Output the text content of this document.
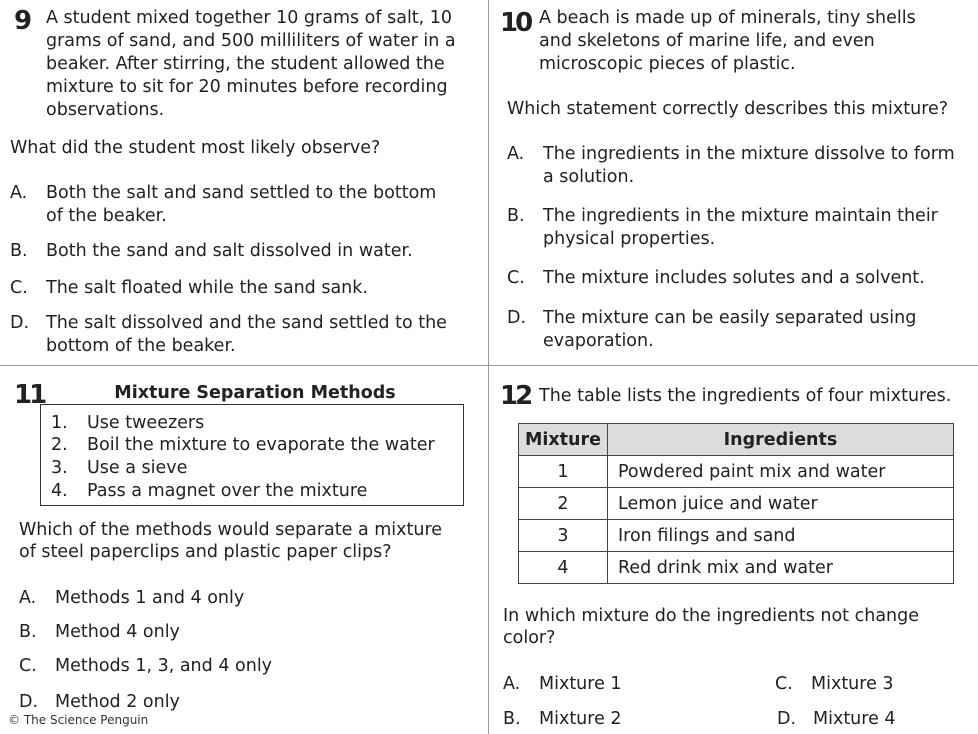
9 A student mixed together 10 grams of salt, 10
grams of sand, and 500 milliliters of water in a
beaker. After stirring, the student allowed the
mixture to sit for 20 minutes before recording
observations.
What did the student most likely observe?
A. Both the salt and sand settled to the bottom
of the beaker.
B. Both the sand and salt dissolved in water.
C. The salt floated while the sand sank.
D. The salt dissolved and the sand settled to the
bottom of the beaker.
10 A beach is made up of minerals, tiny shells
and skeletons of marine life, and even
microscopic pieces of plastic.
Which statement correctly describes this mixture?
A. The ingredients in the mixture dissolve to form
a solution.
B. The ingredients in the mixture maintain their
physical properties.
C. The mixture includes solutes and a solvent.
D. The mixture can be easily separated using
evaporation.
11	Mixture Separation Methods
1. Use tweezers
2. Boil the mixture to evaporate the water
3. Use a sieve
4. Pass a magnet over the mixture
Which of the methods would separate a mixture
of steel paperclips and plastic paper clips?
A. Methods 1 and 4 only
B. Method 4 only
C. Methods 1, 3, and 4 only
D. Method 2 only
12 The table lists the ingredients of four mixtures.
Mixture	Ingredients
1	Powdered paint mix and water
2	Lemon juice and water
3	Iron filings and sand
4	Red drink mix and water
In which mixture do the ingredients not change
color?
A. Mixture 1
B. Mixture 2
C. Mixture 3
D. Mixture 4
© The Science Penguin
